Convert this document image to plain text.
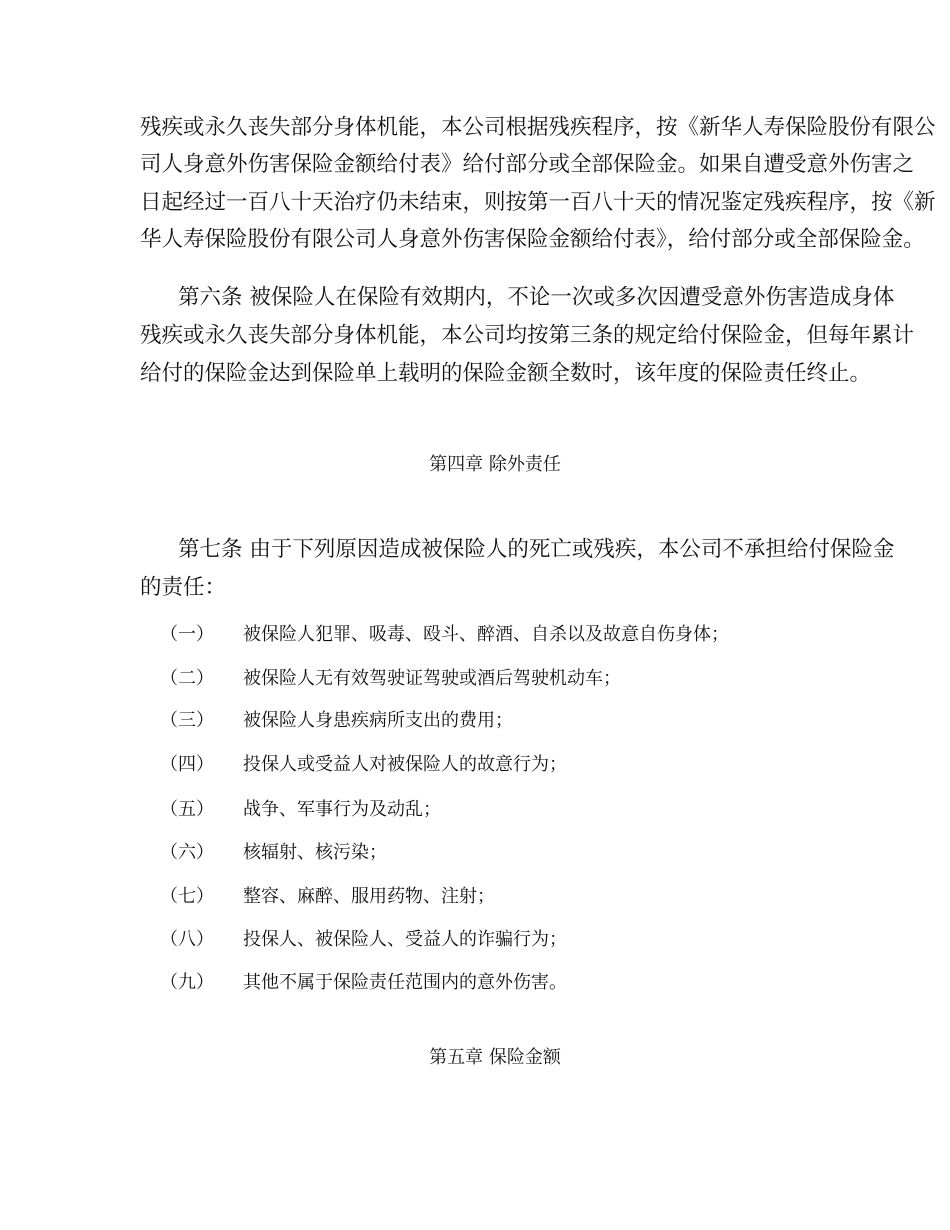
残疾或永久丧失部分身体机能，本公司根据残疾程序，按《新华人寿保险股份有限公
司人身意外伤害保险金额给付表》给付部分或全部保险金。如果自遭受意外伤害之
日起经过一百八十天治疗仍未结束，则按第一百八十天的情况鉴定残疾程序，按《新
华人寿保险股份有限公司人身意外伤害保险金额给付表》，给付部分或全部保险金。
第六条 被保险人在保险有效期内，不论一次或多次因遭受意外伤害造成身体
残疾或永久丧失部分身体机能，本公司均按第三条的规定给付保险金，但每年累计
给付的保险金达到保险单上载明的保险金额全数时，该年度的保险责任终止。
第四章 除外责任
第七条 由于下列原因造成被保险人的死亡或残疾，本公司不承担给付保险金
的责任：
（一） 被保险人犯罪、吸毒、殴斗、醉酒、自杀以及故意自伤身体；
（二） 被保险人无有效驾驶证驾驶或酒后驾驶机动车；
（三） 被保险人身患疾病所支出的费用；
（四） 投保人或受益人对被保险人的故意行为；
（五） 战争、军事行为及动乱；
（六） 核辐射、核污染；
（七） 整容、麻醉、服用药物、注射；
（八） 投保人、被保险人、受益人的诈骗行为；
（九） 其他不属于保险责任范围内的意外伤害。
第五章 保险金额
